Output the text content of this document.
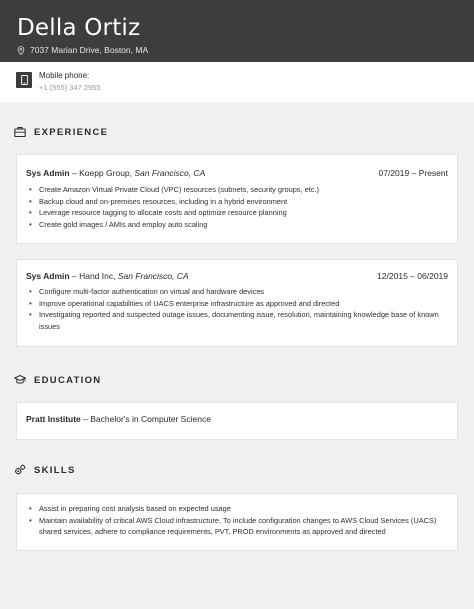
Della Ortiz
7037 Marian Drive, Boston, MA
Mobile phone:
+1 (555) 347 2955
EXPERIENCE
Sys Admin – Koepp Group, San Francisco, CA	07/2019 – Present
• Create Amazon Virtual Private Cloud (VPC) resources (subnets, security groups, etc.)
• Backup cloud and on-premises resources, including in a hybrid environment
• Leverage resource tagging to allocate costs and optimize resource planning
• Create gold images / AMIs and employ auto scaling
Sys Admin – Hand Inc, San Francisco, CA	12/2015 – 06/2019
• Configure multi-factor authentication on virtual and hardware devices
• Improve operational capabilities of UACS enterprise infrastructure as approved and directed
• Investigating reported and suspected outage issues, documenting issue, resolution, maintaining knowledge base of known issues
EDUCATION
Pratt Institute – Bachelor's in Computer Science
SKILLS
• Assist in preparing cost analysis based on expected usage
• Maintain availability of critical AWS Cloud infrastructure. To include configuration changes to AWS Cloud Services (UACS) shared services, adhere to compliance requirements, PVT, PROD environments as approved and directed
